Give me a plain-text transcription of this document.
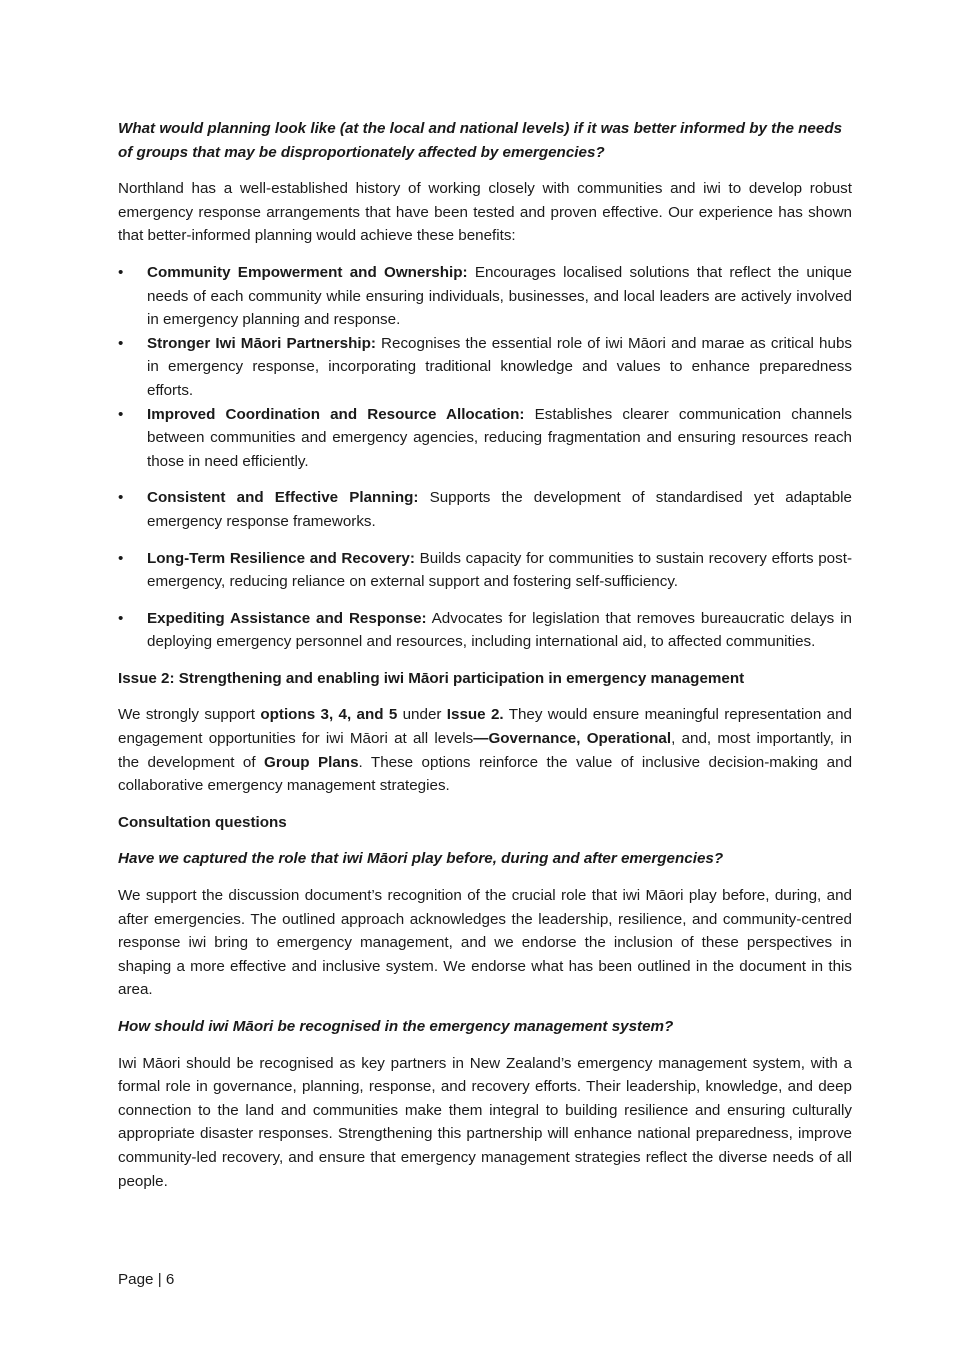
What would planning look like (at the local and national levels) if it was better informed by the needs of groups that may be disproportionately affected by emergencies?

Northland has a well-established history of working closely with communities and iwi to develop robust emergency response arrangements that have been tested and proven effective. Our experience has shown that better-informed planning would achieve these benefits:

•	Community Empowerment and Ownership: Encourages localised solutions that reflect the unique needs of each community while ensuring individuals, businesses, and local leaders are actively involved in emergency planning and response.
•	Stronger Iwi Māori Partnership: Recognises the essential role of iwi Māori and marae as critical hubs in emergency response, incorporating traditional knowledge and values to enhance preparedness efforts.
•	Improved Coordination and Resource Allocation: Establishes clearer communication channels between communities and emergency agencies, reducing fragmentation and ensuring resources reach those in need efficiently.
•	Consistent and Effective Planning: Supports the development of standardised yet adaptable emergency response frameworks.
•	Long-Term Resilience and Recovery: Builds capacity for communities to sustain recovery efforts post-emergency, reducing reliance on external support and fostering self-sufficiency.
•	Expediting Assistance and Response: Advocates for legislation that removes bureaucratic delays in deploying emergency personnel and resources, including international aid, to affected communities.

Issue 2: Strengthening and enabling iwi Māori participation in emergency management

We strongly support options 3, 4, and 5 under Issue 2. They would ensure meaningful representation and engagement opportunities for iwi Māori at all levels—Governance, Operational, and, most importantly, in the development of Group Plans. These options reinforce the value of inclusive decision-making and collaborative emergency management strategies.

Consultation questions

Have we captured the role that iwi Māori play before, during and after emergencies?

We support the discussion document’s recognition of the crucial role that iwi Māori play before, during, and after emergencies. The outlined approach acknowledges the leadership, resilience, and community-centred response iwi bring to emergency management, and we endorse the inclusion of these perspectives in shaping a more effective and inclusive system. We endorse what has been outlined in the document in this area.

How should iwi Māori be recognised in the emergency management system?

Iwi Māori should be recognised as key partners in New Zealand’s emergency management system, with a formal role in governance, planning, response, and recovery efforts. Their leadership, knowledge, and deep connection to the land and communities make them integral to building resilience and ensuring culturally appropriate disaster responses. Strengthening this partnership will enhance national preparedness, improve community-led recovery, and ensure that emergency management strategies reflect the diverse needs of all people.

Page | 6
